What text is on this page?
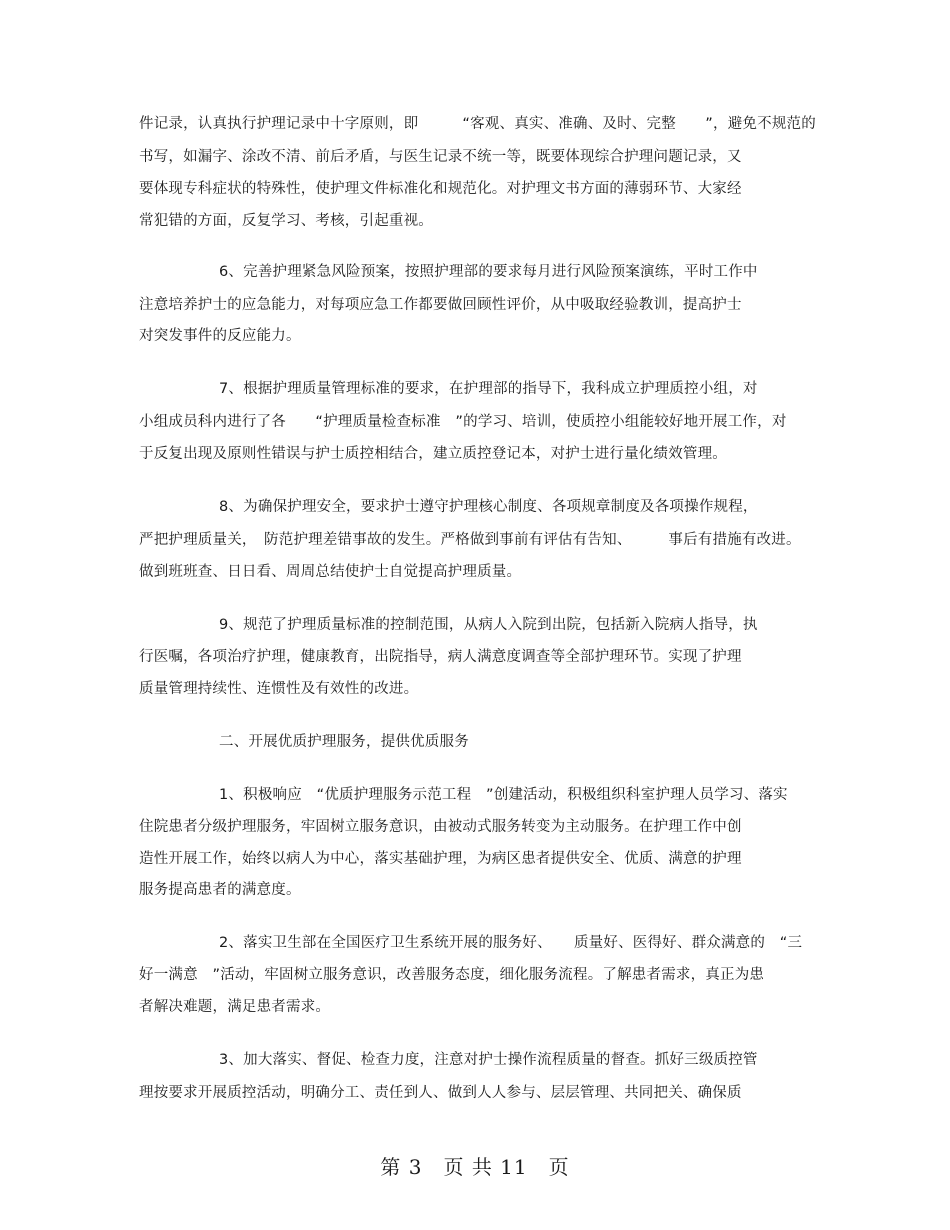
件记录，认真执行护理记录中十字原则，即　　　“客观、真实、准确、及时、完整　　”，避免不规范的
书写，如漏字、涂改不清、前后矛盾，与医生记录不统一等，既要体现综合护理问题记录，又
要体现专科症状的特殊性，使护理文件标准化和规范化。对护理文书方面的薄弱环节、大家经
常犯错的方面，反复学习、考核，引起重视。
6、完善护理紧急风险预案，按照护理部的要求每月进行风险预案演练，平时工作中
注意培养护士的应急能力，对每项应急工作都要做回顾性评价，从中吸取经验教训，提高护士
对突发事件的反应能力。
7、根据护理质量管理标准的要求，在护理部的指导下，我科成立护理质控小组，对
小组成员科内进行了各　　“护理质量检查标准　”的学习、培训，使质控小组能较好地开展工作，对
于反复出现及原则性错误与护士质控相结合，建立质控登记本，对护士进行量化绩效管理。
8、为确保护理安全，要求护士遵守护理核心制度、各项规章制度及各项操作规程，
严把护理质量关，　防范护理差错事故的发生。严格做到事前有评估有告知、　　　事后有措施有改进。
做到班班查、日日看、周周总结使护士自觉提高护理质量。
9、规范了护理质量标准的控制范围，从病人入院到出院，包括新入院病人指导，执
行医嘱，各项治疗护理，健康教育，出院指导，病人满意度调查等全部护理环节。实现了护理
质量管理持续性、连惯性及有效性的改进。
二、开展优质护理服务，提供优质服务
1、积极响应　“优质护理服务示范工程　”创建活动，积极组织科室护理人员学习、落实
住院患者分级护理服务，牢固树立服务意识，由被动式服务转变为主动服务。在护理工作中创
造性开展工作，始终以病人为中心，落实基础护理，为病区患者提供安全、优质、满意的护理
服务提高患者的满意度。
2、落实卫生部在全国医疗卫生系统开展的服务好、　　质量好、医得好、群众满意的　“三
好一满意　”活动，牢固树立服务意识，改善服务态度，细化服务流程。了解患者需求，真正为患
者解决难题，满足患者需求。
3、加大落实、督促、检查力度，注意对护士操作流程质量的督查。抓好三级质控管
理按要求开展质控活动，明确分工、责任到人、做到人人参与、层层管理、共同把关、确保质
第 3　页 共 11　页
